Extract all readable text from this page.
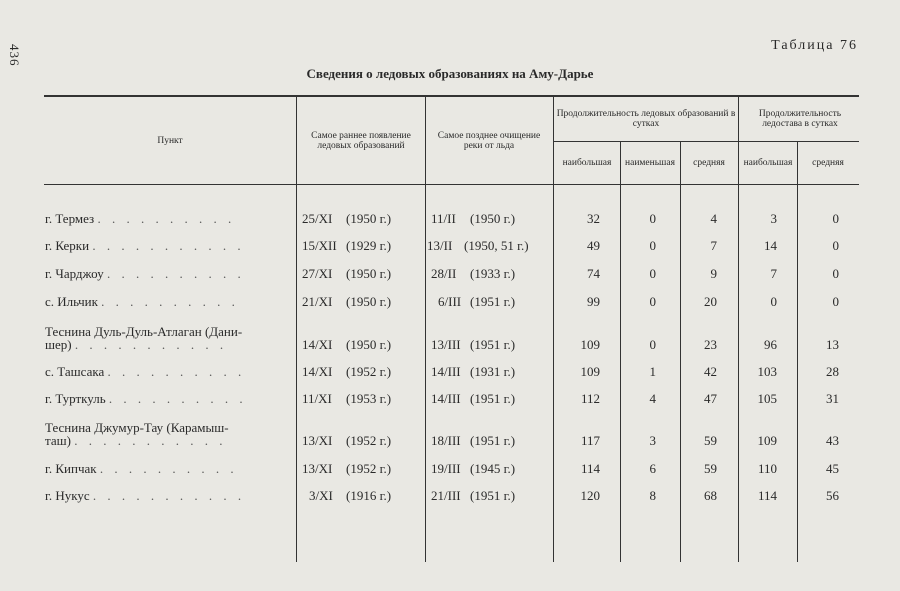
436	Таблица 76
Сведения о ледовых образованиях на Аму-Дарье
Пункт	Самое раннее появление ледовых образований
Самое позднее очищение реки от льда
Продолжительность ледовых образований в сутках
Продолжительность ледостава в сутках
наибольшая	наименьшая	средняя	наибольшая	средняя
г. Термез . . . . . . . . . .	25/XI (1950 г.)	11/II (1950 г.)	32	0	4	3	0
г. Керки . . . . . . . . . . .	15/XII (1929 г.)	13/II (1950, 51 г.)	49	0	7	14	0
г. Чарджоу . . . . . . . . . .	27/XI (1950 г.)	28/II (1933 г.)	74	0	9	7	0
с. Ильчик . . . . . . . . . .	21/XI (1950 г.)	6/III (1951 г.)	99	0	20	0	0
Теснина Дуль-Дуль-Атлаган (Дани-
шер) . . . . . . . . . . .	14/XI (1950 г.)	13/III (1951 г.)	109	0	23	96	13
с. Ташсака . . . . . . . . . .	14/XI (1952 г.)	14/III (1931 г.)	109	1	42	103	28
г. Турткуль . . . . . . . . . .	11/XI (1953 г.)	14/III (1951 г.)	112	4	47	105	31
Теснина Джумур-Тау (Карамыш-
таш) . . . . . . . . . . .	13/XI (1952 г.)	18/III (1951 г.)	117	3	59	109	43
г. Кипчак . . . . . . . . . .	13/XI (1952 г.)	19/III (1945 г.)	114	6	59	110	45
г. Нукус . . . . . . . . . . .	3/XI (1916 г.)	21/III (1951 г.)	120	8	68	114	56
